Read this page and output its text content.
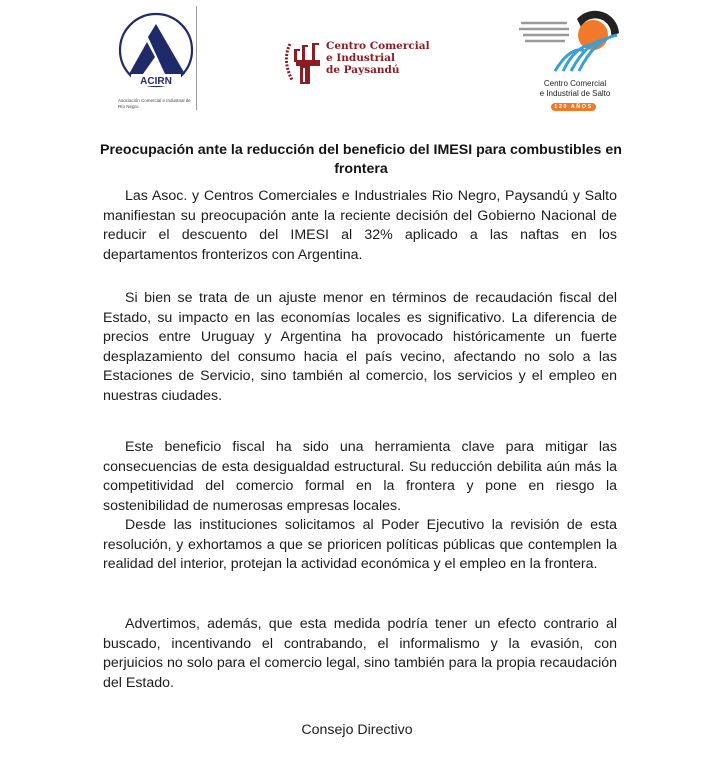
ACIRN
Asociación Comercial e Industrial de Río Negro
Centro Comercial
e Industrial
de Paysandú
Centro Comercial
e Industrial de Salto
120 AÑOS
Preocupación ante la reducción del beneficio del IMESI para combustibles en frontera

Las Asoc. y Centros Comerciales e Industriales Rio Negro, Paysandú y Salto manifiestan su preocupación ante la reciente decisión del Gobierno Nacional de reducir el descuento del IMESI al 32% aplicado a las naftas en los departamentos fronterizos con Argentina.

Si bien se trata de un ajuste menor en términos de recaudación fiscal del Estado, su impacto en las economías locales es significativo. La diferencia de precios entre Uruguay y Argentina ha provocado históricamente un fuerte desplazamiento del consumo hacia el país vecino, afectando no solo a las Estaciones de Servicio, sino también al comercio, los servicios y el empleo en nuestras ciudades.

Este beneficio fiscal ha sido una herramienta clave para mitigar las consecuencias de esta desigualdad estructural. Su reducción debilita aún más la competitividad del comercio formal en la frontera y pone en riesgo la sostenibilidad de numerosas empresas locales.

Desde las instituciones solicitamos al Poder Ejecutivo la revisión de esta resolución, y exhortamos a que se prioricen políticas públicas que contemplen la realidad del interior, protejan la actividad económica y el empleo en la frontera.

Advertimos, además, que esta medida podría tener un efecto contrario al buscado, incentivando el contrabando, el informalismo y la evasión, con perjuicios no solo para el comercio legal, sino también para la propia recaudación del Estado.

Consejo Directivo
